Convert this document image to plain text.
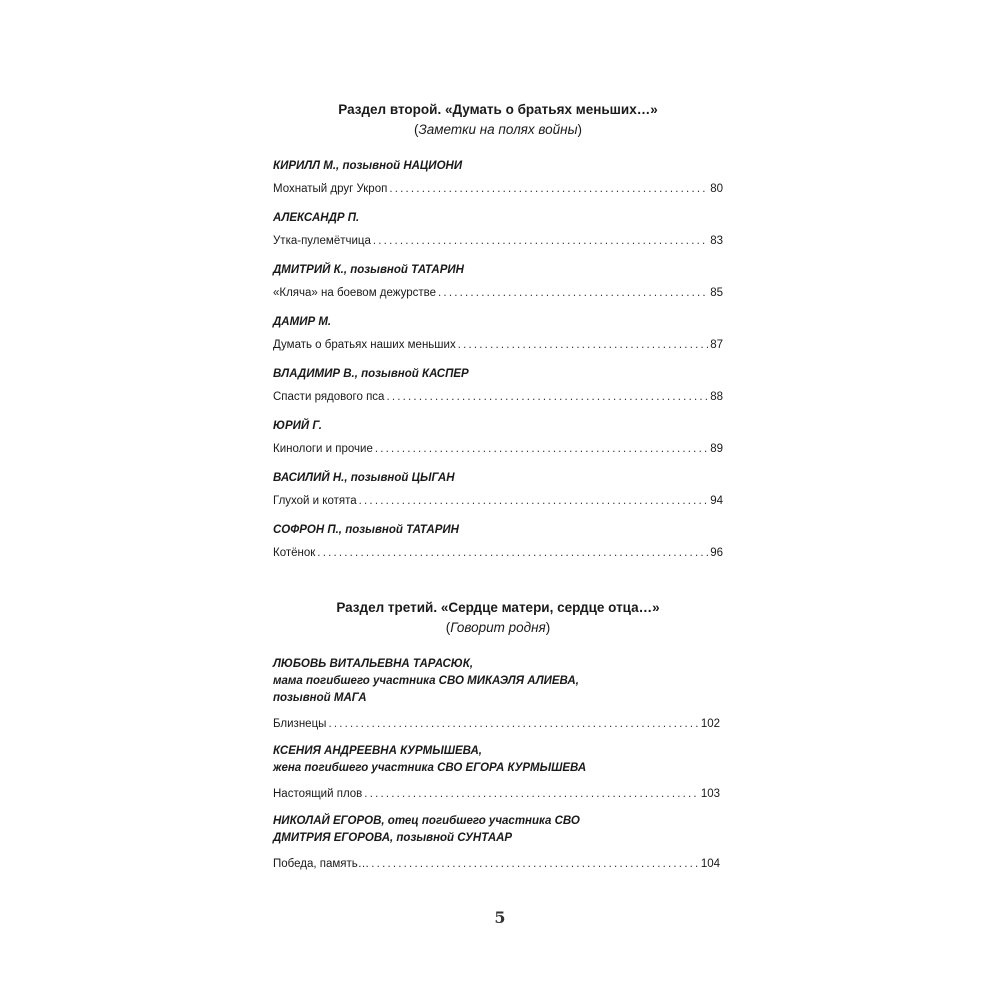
Раздел второй. «Думать о братьях меньших…»
(Заметки на полях войны)
КИРИЛЛ М., позывной НАЦИОНИ
Мохнатый друг Укроп .....	80
АЛЕКСАНДР П.
Утка-пулемётчица .....	83
ДМИТРИЙ К., позывной ТАТАРИН
«Кляча» на боевом дежурстве .....	85
ДАМИР М.
Думать о братьях наших меньших .....	87
ВЛАДИМИР В., позывной КАСПЕР
Спасти рядового пса .....	88
ЮРИЙ Г.
Кинологи и прочие .....	89
ВАСИЛИЙ Н., позывной ЦЫГАН
Глухой и котята .....	94
СОФРОН П., позывной ТАТАРИН
Котёнок .....	96
Раздел третий. «Сердце матери, сердце отца…»
(Говорит родня)
ЛЮБОВЬ ВИТАЛЬЕВНА ТАРАСЮК,
мама погибшего участника СВО МИКАЭЛЯ АЛИЕВА,
позывной МАГА
Близнецы .....	102
КСЕНИЯ АНДРЕЕВНА КУРМЫШЕВА,
жена погибшего участника СВО ЕГОРА КУРМЫШЕВА
Настоящий плов .....	103
НИКОЛАЙ ЕГОРОВ, отец погибшего участника СВО
ДМИТРИЯ ЕГОРОВА, позывной СУНТААР
Победа, память… .....	104
5
